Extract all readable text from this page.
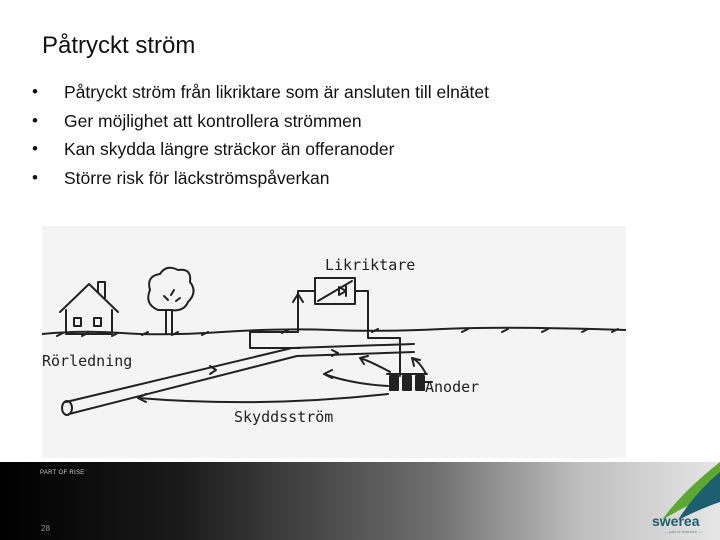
Påtryckt ström
• Påtryckt ström från likriktare som är ansluten till elnätet
• Ger möjlighet att kontrollera strömmen
• Kan skydda längre sträckor än offeranoder
• Större risk för läckströmspåverkan
Likriktare
Rörledning
Anoder
Skyddsström
PART OF RISE
28	swerea
— part of research —
